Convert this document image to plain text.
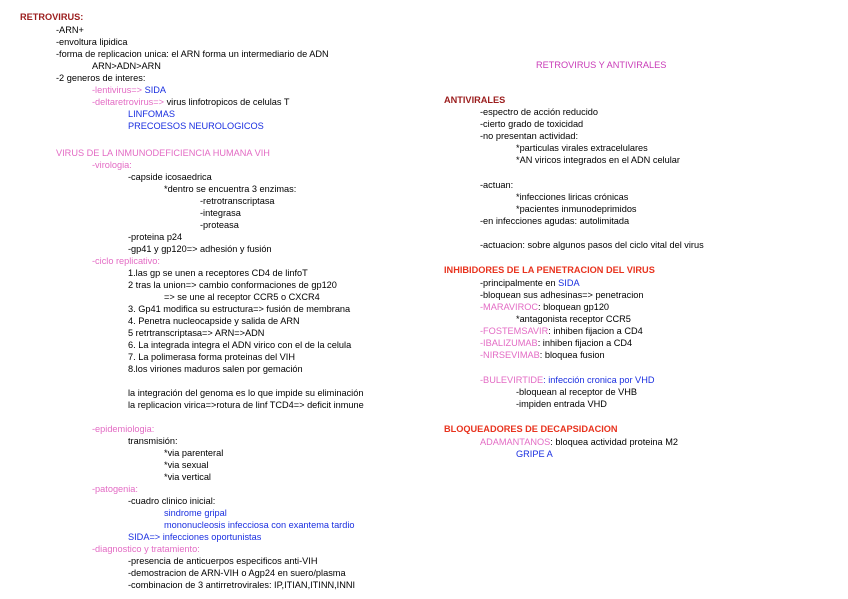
RETROVIRUS:
-ARN+
-envoltura lipidica
-forma de replicacion unica: el ARN forma un intermediario de ADN
ARN>ADN>ARN
-2 generos de interes:
-lentivirus=> SIDA
-deltaretrovirus=> virus linfotropicos de celulas T
LINFOMAS
PRECOESOS NEUROLOGICOS
VIRUS DE LA INMUNODEFICIENCIA HUMANA VIH
-virologia:
-capside icosaedrica
*dentro se encuentra 3 enzimas:
-retrotranscriptasa
-integrasa
-proteasa
-proteina p24
-gp41 y gp120=> adhesión y fusión
-ciclo replicativo:
1.las gp se unen a receptores CD4 de linfoT
2 tras la union=> cambio conformaciones de gp120
=> se une al receptor CCR5 o CXCR4
3. Gp41 modifica su estructura=> fusión de membrana
4. Penetra nucleocapside y salida de ARN
5 retrtranscriptasa=> ARN=>ADN
6. La integrada integra el ADN virico con el de la celula
7. La polimerasa forma proteinas del VIH
8.los viriones maduros salen por gemación
la integración del genoma es lo que impide su eliminación
la replicacion virica=>rotura de linf TCD4=> deficit inmune
-epidemiologia:
transmisión:
*via parenteral
*via sexual
*via vertical
-patogenia:
-cuadro clinico inicial:
sindrome gripal
mononucleosis infecciosa con exantema tardio
SIDA=> infecciones oportunistas
-diagnostico y tratamiento:
-presencia de anticuerpos especificos anti-VIH
-demostracion de ARN-VIH o Agp24 en suero/plasma
-combinacion de 3 antirretrovirales: IP,ITIAN,ITINN,INNI
RETROVIRUS Y ANTIVIRALES
ANTIVIRALES
-espectro de acción reducido
-cierto grado de toxicidad
-no presentan actividad:
*particulas virales extracelulares
*AN viricos integrados en el ADN celular
-actuan:
*infecciones liricas crónicas
*pacientes inmunodeprimidos
-en infecciones agudas: autolimitada
-actuacion: sobre algunos pasos del ciclo vital del virus
INHIBIDORES DE LA PENETRACION DEL VIRUS
-principalmente en SIDA
-bloquean sus adhesinas=> penetracion
-MARAVIROC: bloquean gp120
*antagonista receptor CCR5
-FOSTEMSAVIR: inhiben fijacion a CD4
-IBALIZUMAB: inhiben fijacion a CD4
-NIRSEVIMAB: bloquea fusion
-BULEVIRTIDE: infección cronica por VHD
-bloquean al receptor de VHB
-impiden entrada VHD
BLOQUEADORES DE DECAPSIDACION
ADAMANTANOS: bloquea actividad proteina M2
GRIPE A
